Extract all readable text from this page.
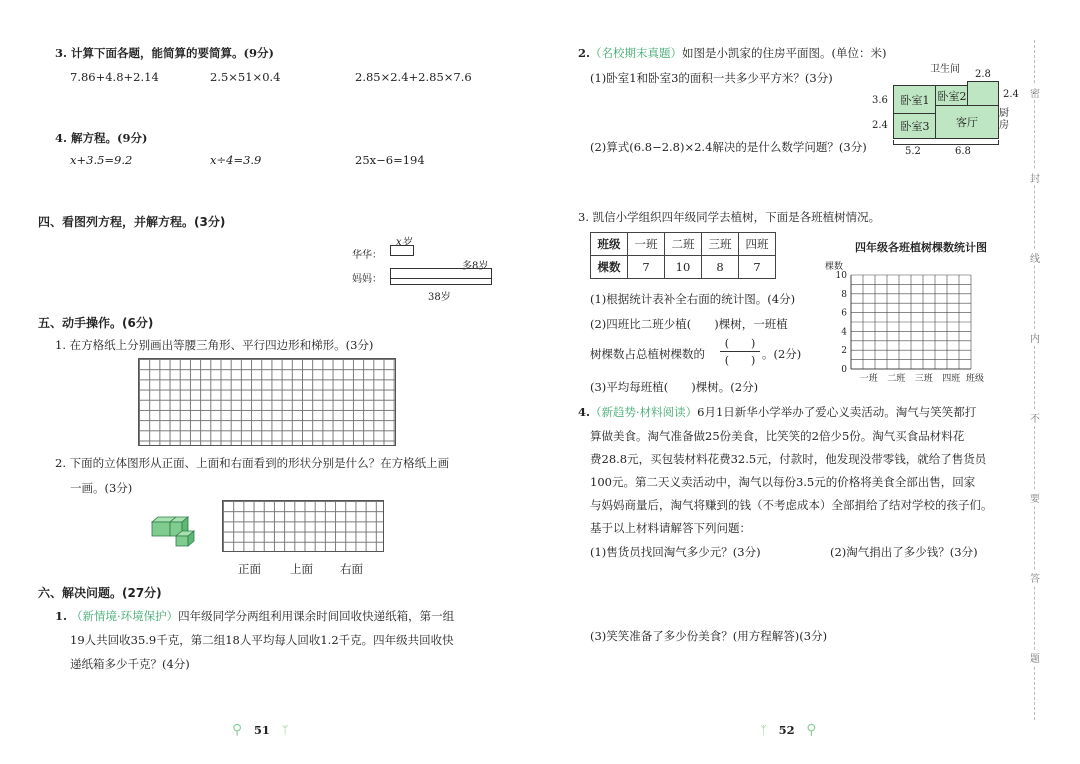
3. 计算下面各题，能简算的要简算。(9分)
7.86+4.8+2.14	2.5×51×0.4	2.85×2.4+2.85×7.6
4. 解方程。(9分)
x+3.5=9.2	x÷4=3.9	25x−6=194
四、看图列方程，并解方程。(3分)
x岁
华华：
多8岁
妈妈：
38岁
五、动手操作。(6分)
1. 在方格纸上分别画出等腰三角形、平行四边形和梯形。(3分)
2. 下面的立体图形从正面、上面和右面看到的形状分别是什么？在方格纸上画
一画。(3分)
正面	上面 右面
六、解决问题。(27分)
1. （新情境·环境保护）四年级同学分两组利用课余时间回收快递纸箱，第一组
19人共回收35.9千克，第二组18人平均每人回收1.2千克。四年级共回收快
递纸箱多少千克？(4分)
⚲ 51 ᛉ
2.（名校期末真题）如图是小凯家的住房平面图。(单位：米)
(1)卧室1和卧室3的面积一共多少平方米？(3分)
(2)算式(6.8−2.8)×2.4解决的是什么数学问题？(3分)
卫生间 2.8
3.6
2.4
2.4
卧室1 卧室2
卧室3	客厅
厨房
5.2	6.8
3. 凯信小学组织四年级同学去植树，下面是各班植树情况。
班级	一班	二班	三班	四班
棵数	7	10	8	7
(1)根据统计表补全右面的统计图。(4分)
(2)四班比二班少植(　　)棵树，一班植
树棵数占总植树棵数的
(　　)
(　　) 。(2分)
(3)平均每班植(　　)棵树。(2分)
四年级各班植树棵数统计图
0
2
4
6
8
10
棵数
一班 二班 三班 四班 班级
4.（新趋势·材料阅读）6月1日新华小学举办了爱心义卖活动。淘气与笑笑都打
算做美食。淘气准备做25份美食，比笑笑的2倍少5份。淘气买食品材料花
费28.8元，买包装材料花费32.5元，付款时，他发现没带零钱，就给了售货员
100元。第二天义卖活动中，淘气以每份3.5元的价格将美食全部出售，回家
与妈妈商量后，淘气将赚到的钱（不考虑成本）全部捐给了结对学校的孩子们。
基于以上材料请解答下列问题：
(1)售货员找回淘气多少元？(3分)	(2)淘气捐出了多少钱？(3分)
(3)笑笑准备了多少份美食？(用方程解答)(3分)
ᛉ 52 ⚲
密
封
线
内
不
要
答
题
